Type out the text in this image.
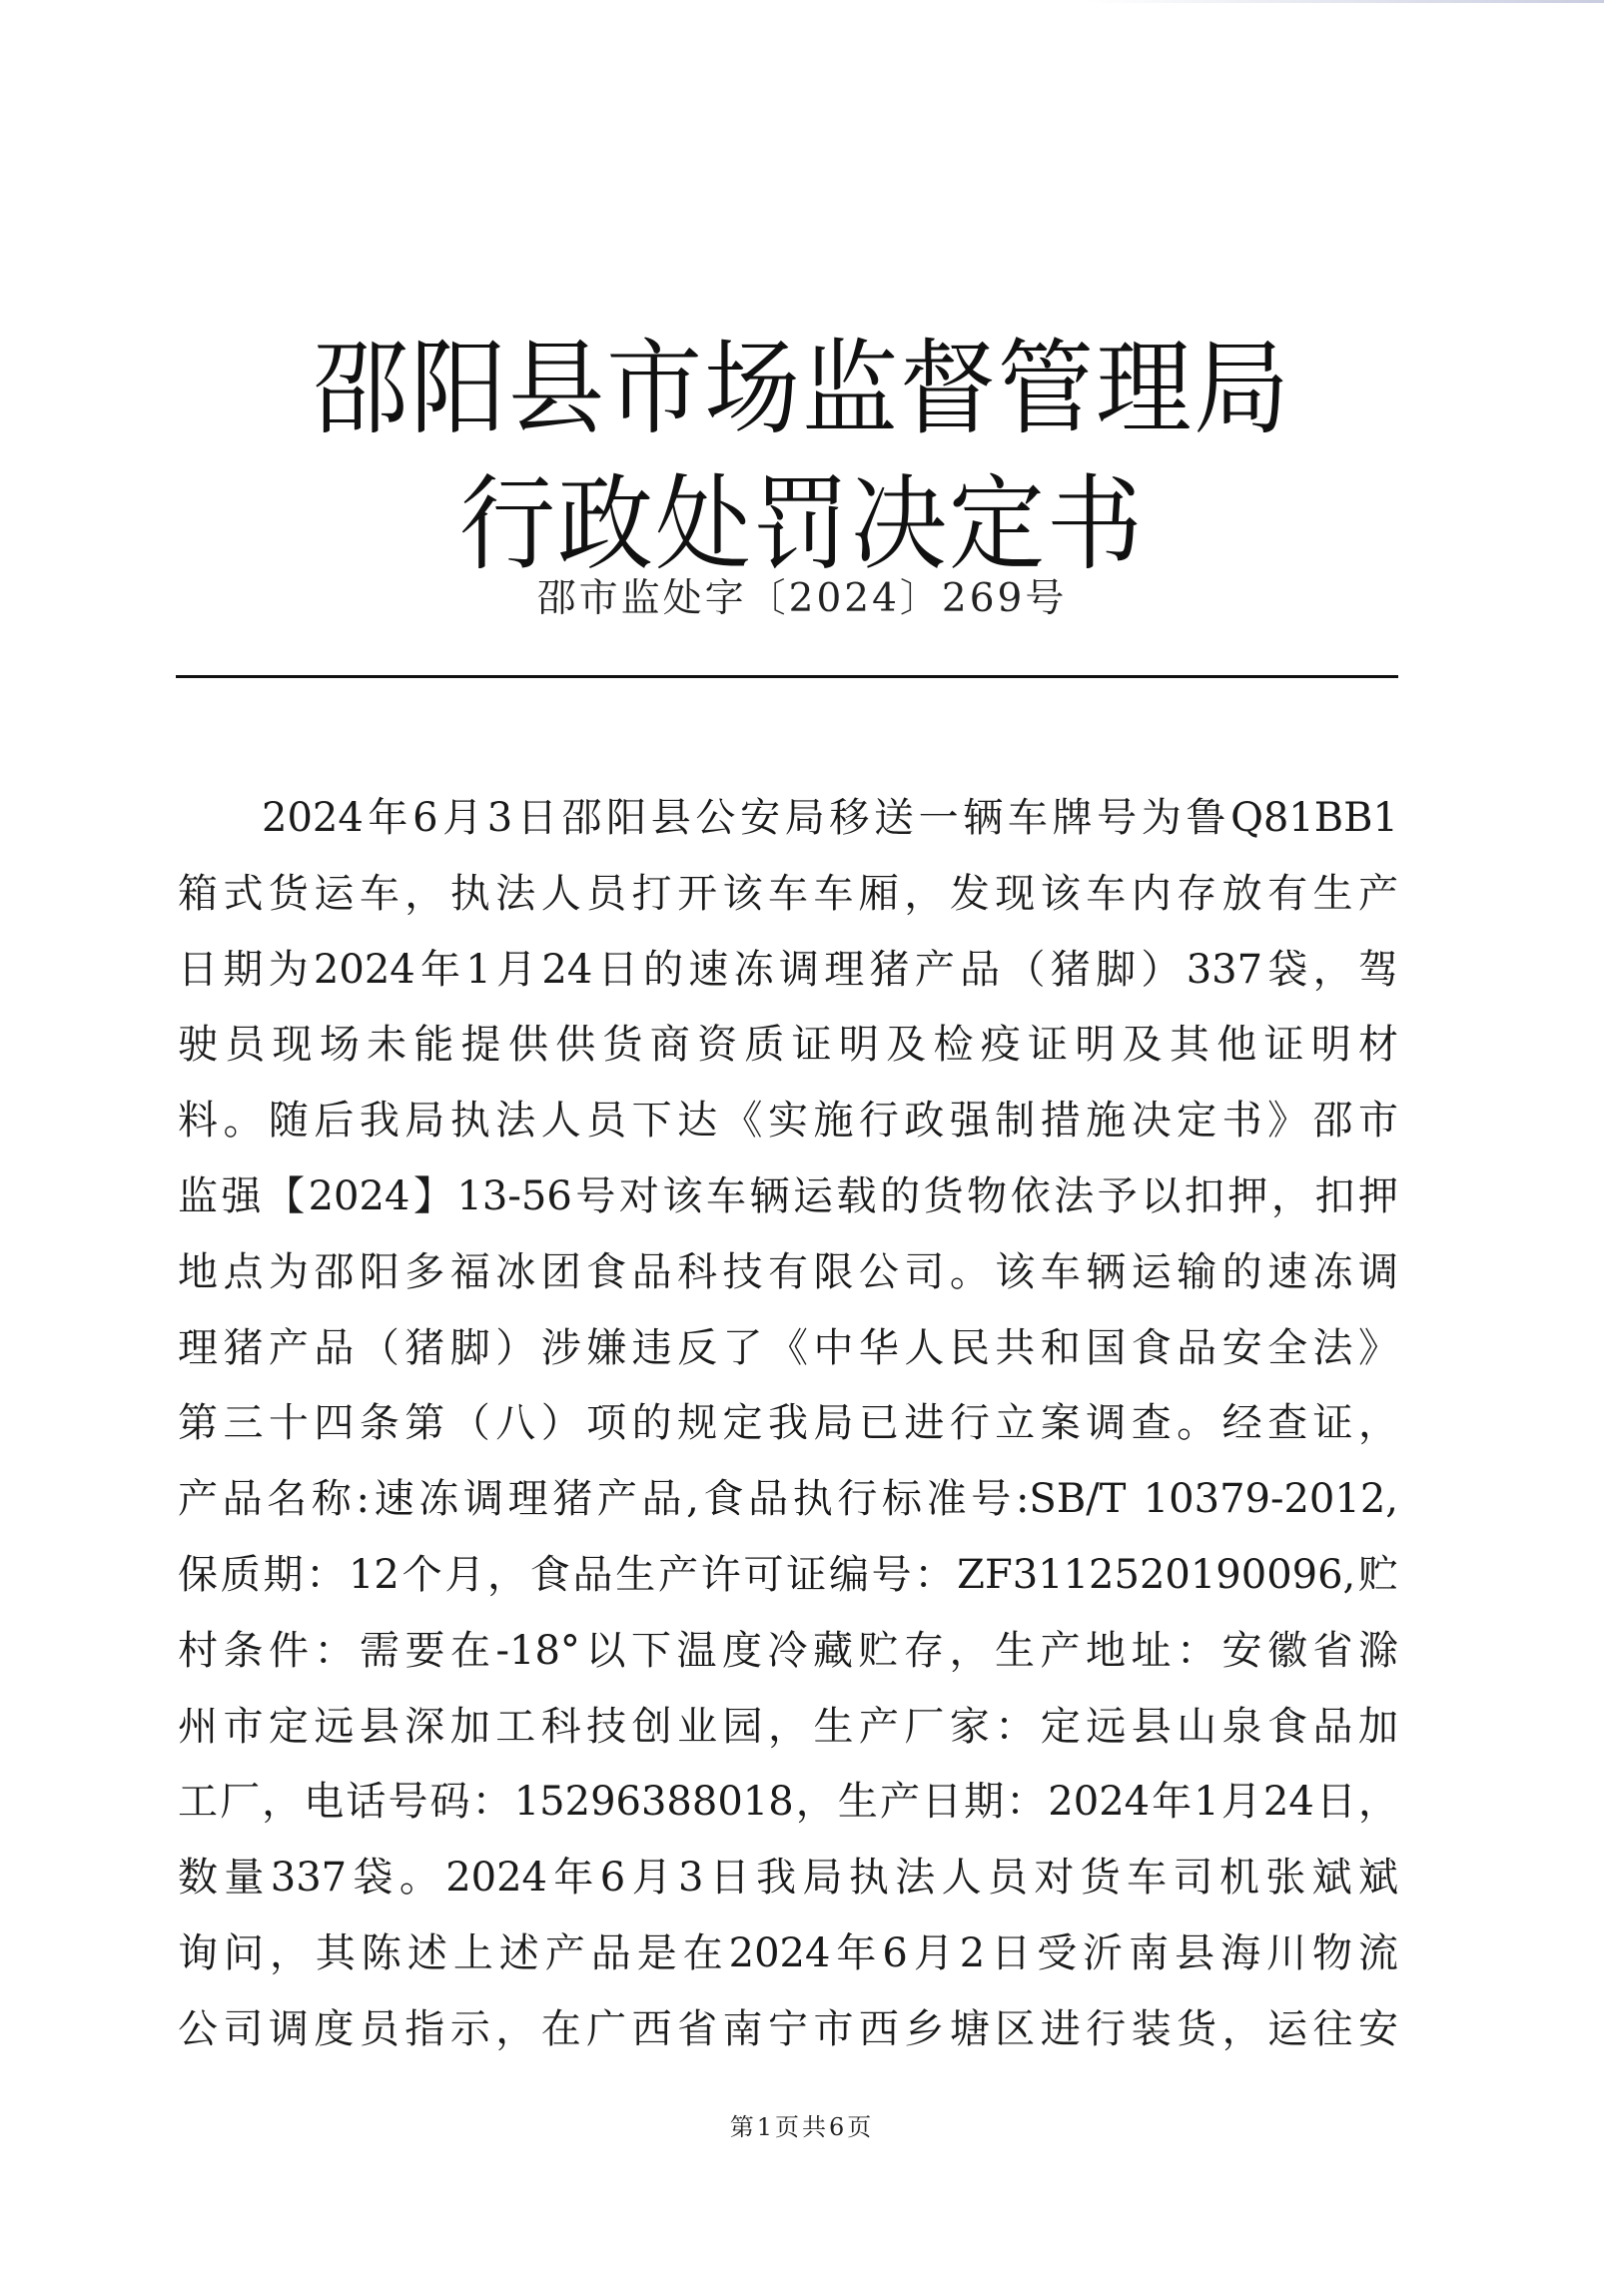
邵阳县市场监督管理局
行政处罚决定书
邵市监处字〔2024〕269号
2024年6月3日邵阳县公安局移送一辆车牌号为鲁Q81BB1
箱式货运车，执法人员打开该车车厢，发现该车内存放有生产
日期为2024年1月24日的速冻调理猪产品（猪脚）337袋，驾
驶员现场未能提供供货商资质证明及检疫证明及其他证明材
料。随后我局执法人员下达《实施行政强制措施决定书》邵市
监强【2024】13-56号对该车辆运载的货物依法予以扣押，扣押
地点为邵阳多福冰团食品科技有限公司。该车辆运输的速冻调
理猪产品（猪脚）涉嫌违反了《中华人民共和国食品安全法》
第三十四条第（八）项的规定我局已进行立案调查。经查证，
产品名称:速冻调理猪产品,食品执行标准号:SB/T 10379-2012,
保质期：12个月，食品生产许可证编号：ZF3112520190096,贮
村条件：需要在-18°以下温度冷藏贮存，生产地址：安徽省滁
州市定远县深加工科技创业园，生产厂家：定远县山泉食品加
工厂，电话号码：15296388018，生产日期：2024年1月24日，
数量337袋。2024年6月3日我局执法人员对货车司机张斌斌
询问，其陈述上述产品是在2024年6月2日受沂南县海川物流
公司调度员指示，在广西省南宁市西乡塘区进行装货，运往安
第1页共6页
